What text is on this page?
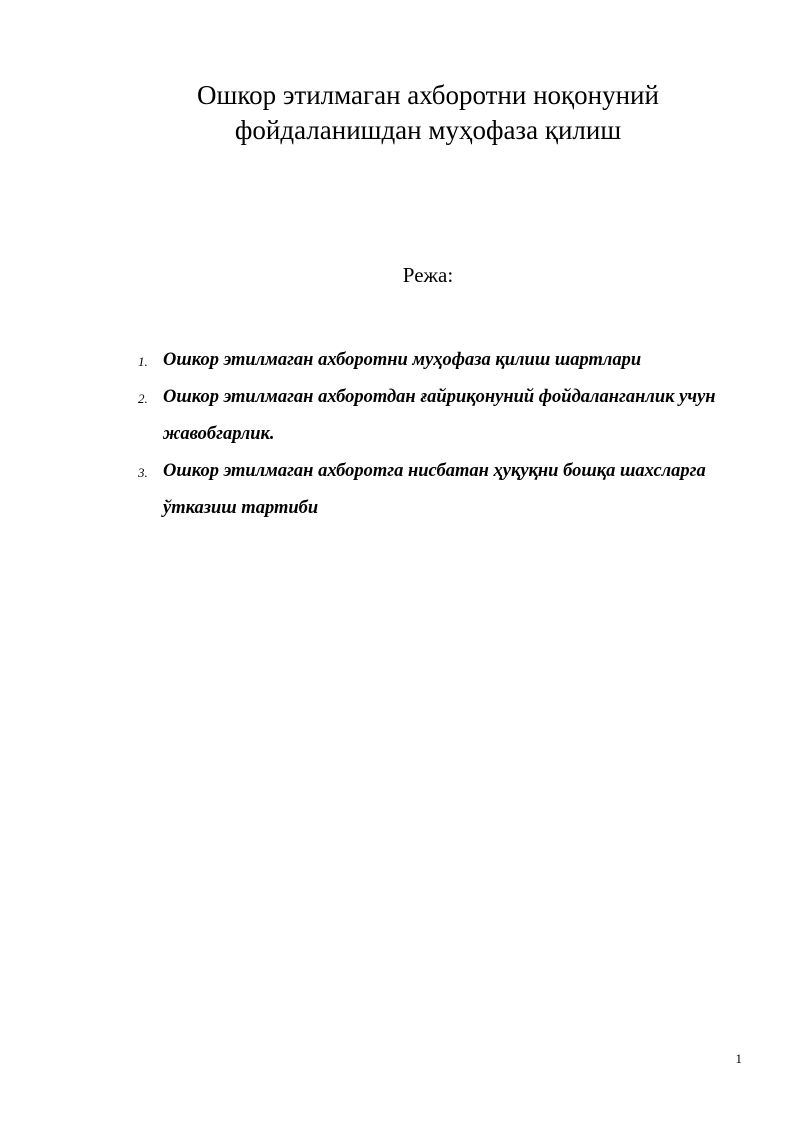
Ошкор этилмаган ахборотни ноқонуний
фойдаланишдан муҳофаза қилиш

Режа:

1. Ошкор этилмаган ахборотни муҳофаза қилиш шартлари
2. Ошкор этилмаган ахборотдан ғайриқонуний фойдаланганлик учун жавобгарлик.
3. Ошкор этилмаган ахборотга нисбатан ҳуқуқни бошқа шахсларга ўтказиш тартиби
1
